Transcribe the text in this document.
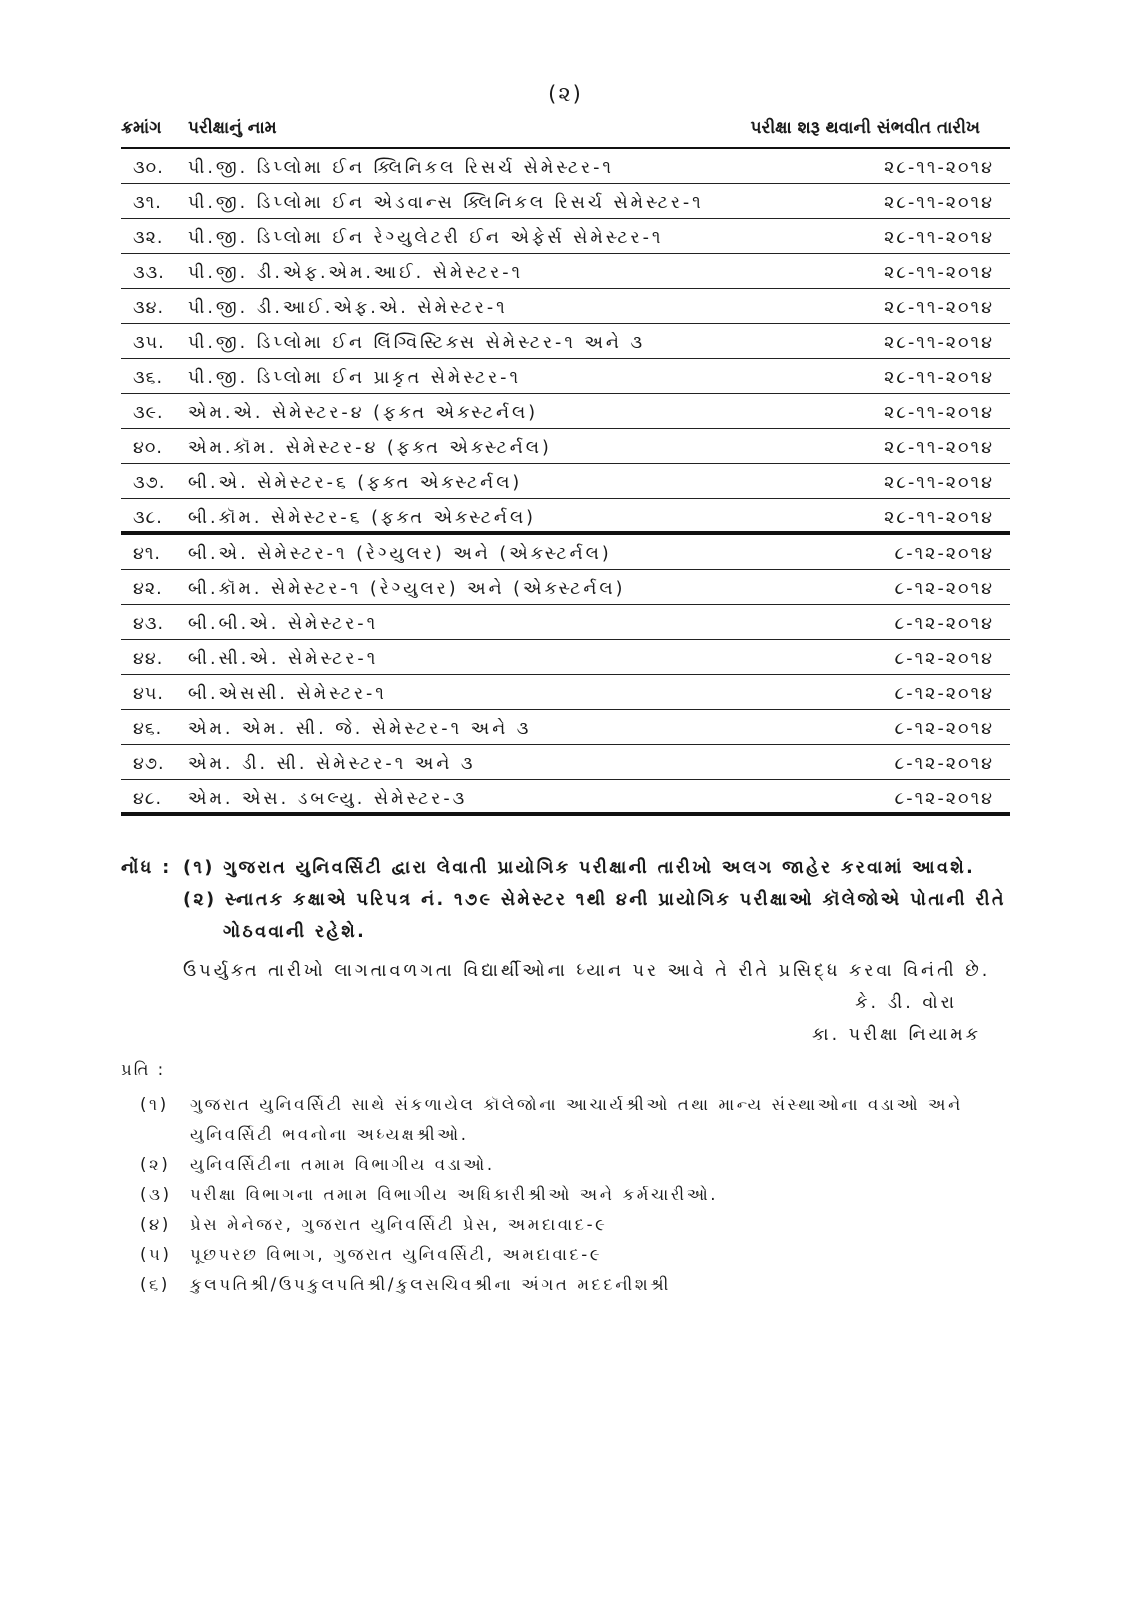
(૨)
ક્રમાંગ પરીક્ષાનું નામ	પરીક્ષા શરૂ થવાની સંભવીત તારીખ
૩૦. પી.જી. ડિપ્લોમા ઈન ક્લિનિકલ રિસર્ચ સેમેસ્ટર-૧	૨૮-૧૧-૨૦૧૪
૩૧. પી.જી. ડિપ્લોમા ઈન એડવાન્સ ક્લિનિકલ રિસર્ચ સેમેસ્ટર-૧	૨૮-૧૧-૨૦૧૪
૩૨. પી.જી. ડિપ્લોમા ઈન રેગ્યુલેટરી ઈન એફેર્સ સેમેસ્ટર-૧	૨૮-૧૧-૨૦૧૪
૩૩. પી.જી. ડી.એફ.એમ.આઈ. સેમેસ્ટર-૧	૨૮-૧૧-૨૦૧૪
૩૪. પી.જી. ડી.આઈ.એફ.એ. સેમેસ્ટર-૧	૨૮-૧૧-૨૦૧૪
૩૫. પી.જી. ડિપ્લોમા ઈન લિંગ્વિસ્ટિક્સ સેમેસ્ટર-૧ અને ૩	૨૮-૧૧-૨૦૧૪
૩૬. પી.જી. ડિપ્લોમા ઈન પ્રાકૃત સેમેસ્ટર-૧	૨૮-૧૧-૨૦૧૪
૩૯. એમ.એ. સેમેસ્ટર-૪ (ફક્ત એક્સ્ટર્નલ)	૨૮-૧૧-૨૦૧૪
૪૦. એમ.કૉમ. સેમેસ્ટર-૪ (ફક્ત એક્સ્ટર્નલ)	૨૮-૧૧-૨૦૧૪
૩૭. બી.એ. સેમેસ્ટર-૬ (ફક્ત એક્સ્ટર્નલ)	૨૮-૧૧-૨૦૧૪
૩૮. બી.કૉમ. સેમેસ્ટર-૬ (ફક્ત એક્સ્ટર્નલ)	૨૮-૧૧-૨૦૧૪
૪૧. બી.એ. સેમેસ્ટર-૧ (રેગ્યુલર) અને (એક્સ્ટર્નલ)	૮-૧૨-૨૦૧૪
૪૨. બી.કૉમ. સેમેસ્ટર-૧ (રેગ્યુલર) અને (એક્સ્ટર્નલ)	૮-૧૨-૨૦૧૪
૪૩. બી.બી.એ. સેમેસ્ટર-૧	૮-૧૨-૨૦૧૪
૪૪. બી.સી.એ. સેમેસ્ટર-૧	૮-૧૨-૨૦૧૪
૪૫. બી.એસસી. સેમેસ્ટર-૧	૮-૧૨-૨૦૧૪
૪૬. એમ. એમ. સી. જે. સેમેસ્ટર-૧ અને ૩	૮-૧૨-૨૦૧૪
૪૭. એમ. ડી. સી. સેમેસ્ટર-૧ અને ૩	૮-૧૨-૨૦૧૪
૪૮. એમ. એસ. ડબલ્યુ. સેમેસ્ટર-૩	૮-૧૨-૨૦૧૪
નોંધ : (૧) ગુજરાત યુનિવર્સિટી દ્વારા લેવાતી પ્રાયોગિક પરીક્ષાની તારીખો અલગ જાહેર કરવામાં આવશે.
(૨) સ્નાતક કક્ષાએ પરિપત્ર નં. ૧૭૯ સેમેસ્ટર ૧થી ૪ની પ્રાયોગિક પરીક્ષાઓ કૉલેજોએ પોતાની રીતે
ગોઠવવાની રહેશે.
ઉપર્યુક્ત તારીખો લાગતાવળગતા વિદ્યાર્થીઓના ધ્યાન પર આવે તે રીતે પ્રસિદ્ધ કરવા વિનંતી છે.
કે. ડી. વોરા
કા. પરીક્ષા નિયામક
પ્રતિ :
(૧) ગુજરાત યુનિવર્સિટી સાથે સંકળાયેલ કૉલેજોના આચાર્યશ્રીઓ તથા માન્ય સંસ્થાઓના વડાઓ અને યુનિવર્સિટી ભવનોના અધ્યક્ષશ્રીઓ.
(૨) યુનિવર્સિટીના તમામ વિભાગીય વડાઓ.
(૩) પરીક્ષા વિભાગના તમામ વિભાગીય અધિકારીશ્રીઓ અને કર્મચારીઓ.
(૪) પ્રેસ મેનેજર, ગુજરાત યુનિવર્સિટી પ્રેસ, અમદાવાદ-૯
(૫) પૂછપરછ વિભાગ, ગુજરાત યુનિવર્સિટી, અમદાવાદ-૯
(૬) કુલપતિશ્રી/ઉપકુલપતિશ્રી/કુલસચિવશ્રીના અંગત મદદનીશશ્રી
